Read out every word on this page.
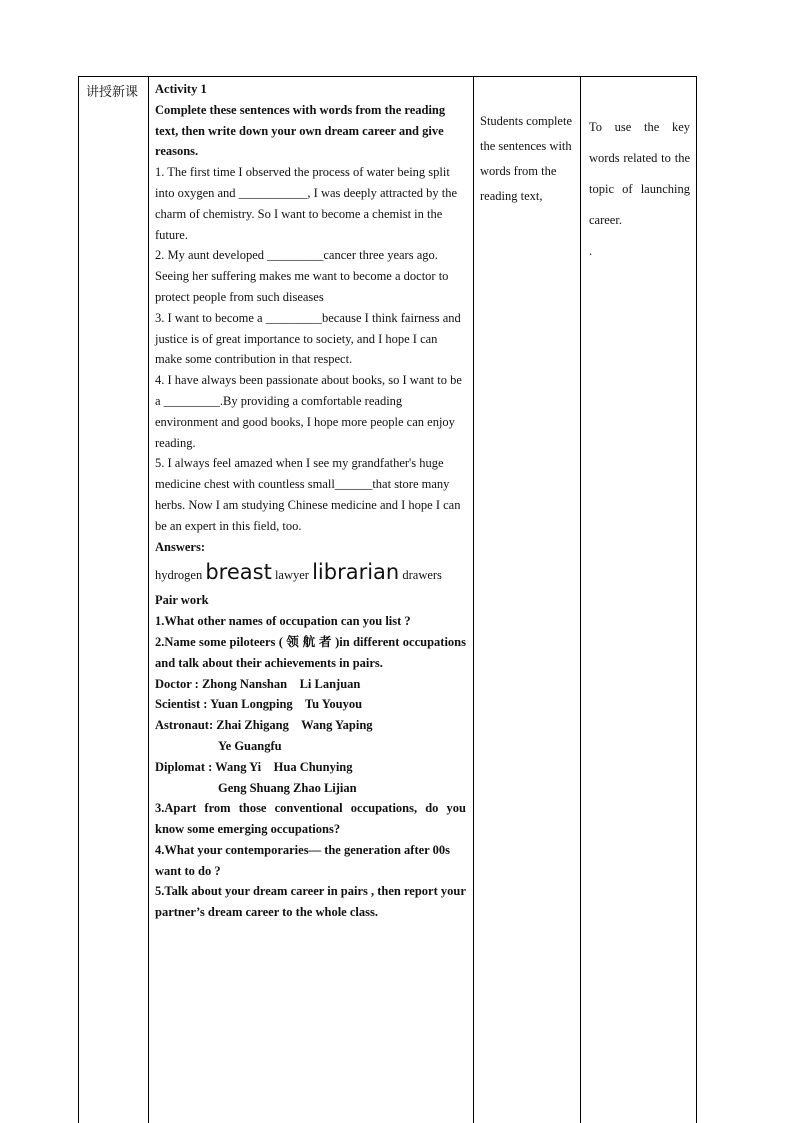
讲授新课	Activity 1

Complete these sentences with words from the reading text, then write down your own dream career and give reasons.

1. The first time I observed the process of water being split into oxygen and ___________, I was deeply attracted by the charm of chemistry. So I want to become a chemist in the future.

2. My aunt developed _________cancer three years ago. Seeing her suffering makes me want to become a doctor to protect people from such diseases

3. I want to become a _________because I think fairness and justice is of great importance to society, and I hope I can make some contribution in that respect.

4. I have always been passionate about books, so I want to be a _________.By providing a comfortable reading environment and good books, I hope more people can enjoy reading.

5. I always feel amazed when I see my grandfather's huge medicine chest with countless small______that store many herbs. Now I am studying Chinese medicine and I hope I can be an expert in this field, too.

Answers:

hydrogen breast lawyer librarian drawers

Pair work

1.What other names of occupation can you list ?

2.Name some piloteers ( 领 航 者 )in different occupations and talk about their achievements in pairs.

Doctor : Zhong Nanshan    Li Lanjuan

Scientist : Yuan Longping    Tu Youyou

Astronaut: Zhai Zhigang    Wang Yaping

Ye Guangfu

Diplomat : Wang Yi    Hua Chunying

Geng Shuang Zhao Lijian

3.Apart from those conventional occupations, do you know some emerging occupations?

4.What your contemporaries— the generation after 00s want to do ?

5.Talk about your dream career in pairs , then report your partner’s dream career to the whole class.

Students complete the sentences with words from the reading text,
To use the key words related to the topic of launching career.
.
